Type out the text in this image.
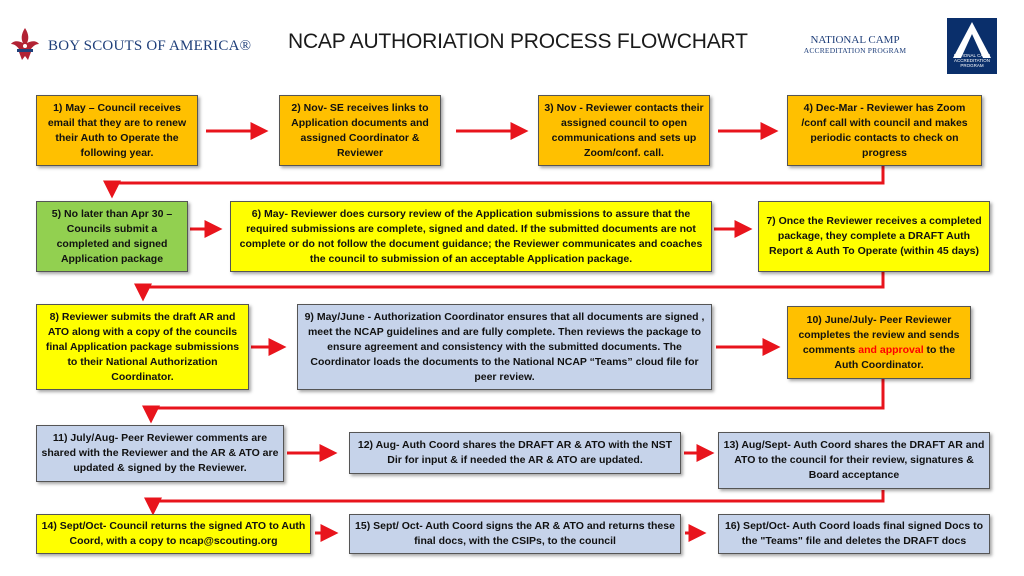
BOY SCOUTS OF AMERICA® NCAP AUTHORIATION PROCESS FLOWCHART	NATIONAL CAMP
ACCREDITATION PROGRAM
NATIONAL CAMP ACCREDITATION PROGRAM
1) May – Council receives email that they are to renew their Auth to Operate the following year.
2) Nov- SE receives links to Application documents and assigned Coordinator & Reviewer
3) Nov - Reviewer contacts their assigned council to open communications and sets up Zoom/conf. call.
4) Dec-Mar - Reviewer has Zoom /conf call with council and makes periodic contacts to check on progress
5) No later than Apr 30 – Councils submit a completed and signed Application package
6) May- Reviewer does cursory review of the Application submissions to assure that the required submissions are complete, signed and dated. If the submitted documents are not complete or do not follow the document guidance; the Reviewer communicates and coaches the council to submission of an acceptable Application package.
7) Once the Reviewer receives a completed package, they complete a DRAFT Auth Report & Auth To Operate (within 45 days)
8) Reviewer submits the draft AR and ATO along with a copy of the councils final Application package submissions to their National Authorization Coordinator.
9) May/June - Authorization Coordinator ensures that all documents are signed , meet the NCAP guidelines and are fully complete. Then reviews the package to ensure agreement and consistency with the submitted documents. The Coordinator loads the documents to the National NCAP “Teams” cloud file for peer review.
10) June/July- Peer Reviewer completes the review and sends comments and approval to the Auth Coordinator.
11) July/Aug- Peer Reviewer comments are shared with the Reviewer and the AR & ATO are updated & signed by the Reviewer.
12) Aug- Auth Coord shares the DRAFT AR & ATO with the NST Dir for input & if needed the AR & ATO are updated.
13) Aug/Sept- Auth Coord shares the DRAFT AR and ATO to the council for their review, signatures & Board acceptance
14) Sept/Oct- Council returns the signed ATO to Auth Coord, with a copy to ncap@scouting.org
15) Sept/ Oct- Auth Coord signs the AR & ATO and returns these final docs, with the CSIPs, to the council
16) Sept/Oct- Auth Coord loads final signed Docs to the "Teams" file and deletes the DRAFT docs
